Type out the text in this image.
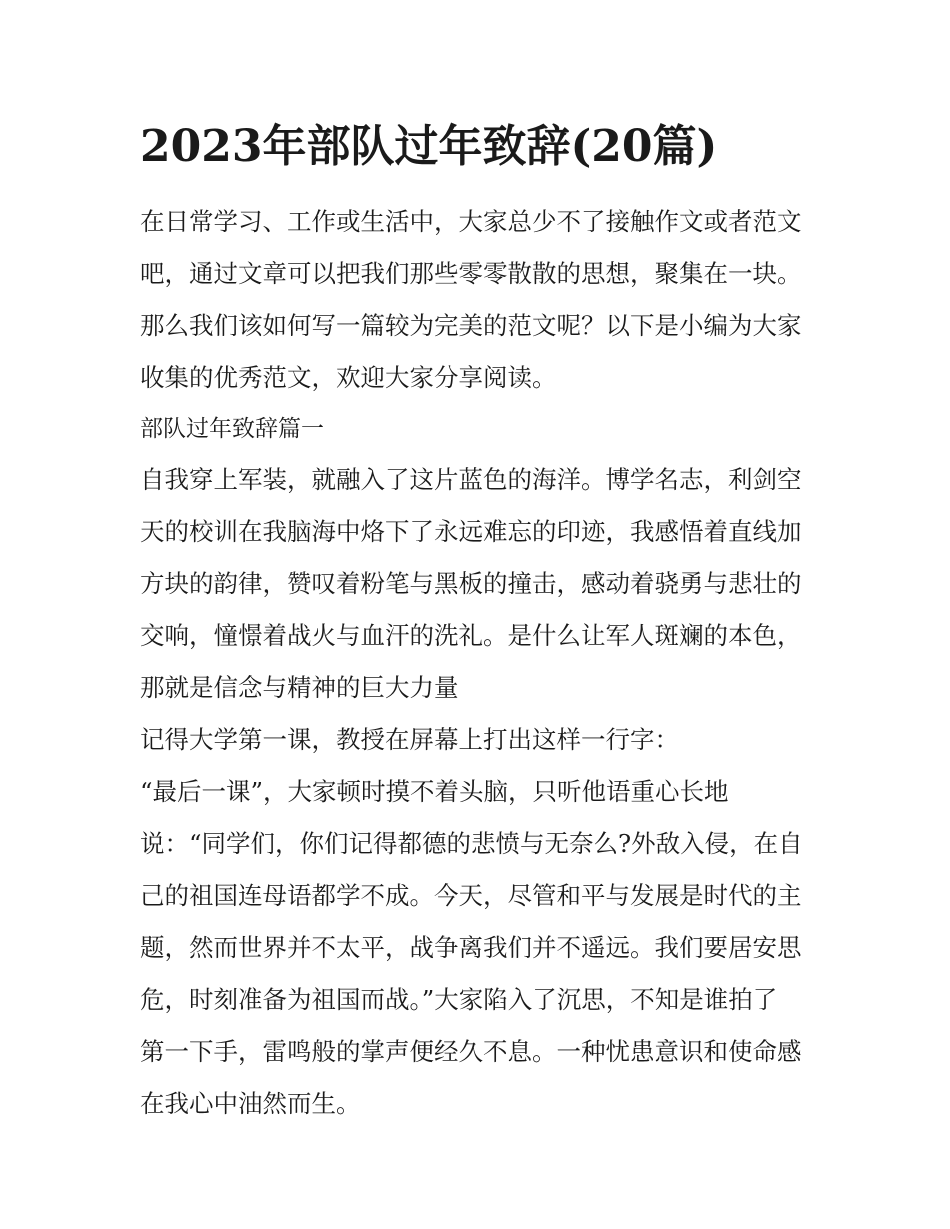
2023年部队过年致辞(20篇)
在日常学习、工作或生活中，大家总少不了接触作文或者范文
吧，通过文章可以把我们那些零零散散的思想，聚集在一块。
那么我们该如何写一篇较为完美的范文呢？以下是小编为大家
收集的优秀范文，欢迎大家分享阅读。
部队过年致辞篇一
自我穿上军装，就融入了这片蓝色的海洋。博学名志，利剑空
天的校训在我脑海中烙下了永远难忘的印迹，我感悟着直线加
方块的韵律，赞叹着粉笔与黑板的撞击，感动着骁勇与悲壮的
交响，憧憬着战火与血汗的洗礼。是什么让军人斑斓的本色，
那就是信念与精神的巨大力量
记得大学第一课，教授在屏幕上打出这样一行字：
“最后一课”，大家顿时摸不着头脑，只听他语重心长地
说：“同学们，你们记得都德的悲愤与无奈么?外敌入侵，在自
己的祖国连母语都学不成。今天，尽管和平与发展是时代的主
题，然而世界并不太平，战争离我们并不遥远。我们要居安思
危，时刻准备为祖国而战。”大家陷入了沉思，不知是谁拍了
第一下手，雷鸣般的掌声便经久不息。一种忧患意识和使命感
在我心中油然而生。
